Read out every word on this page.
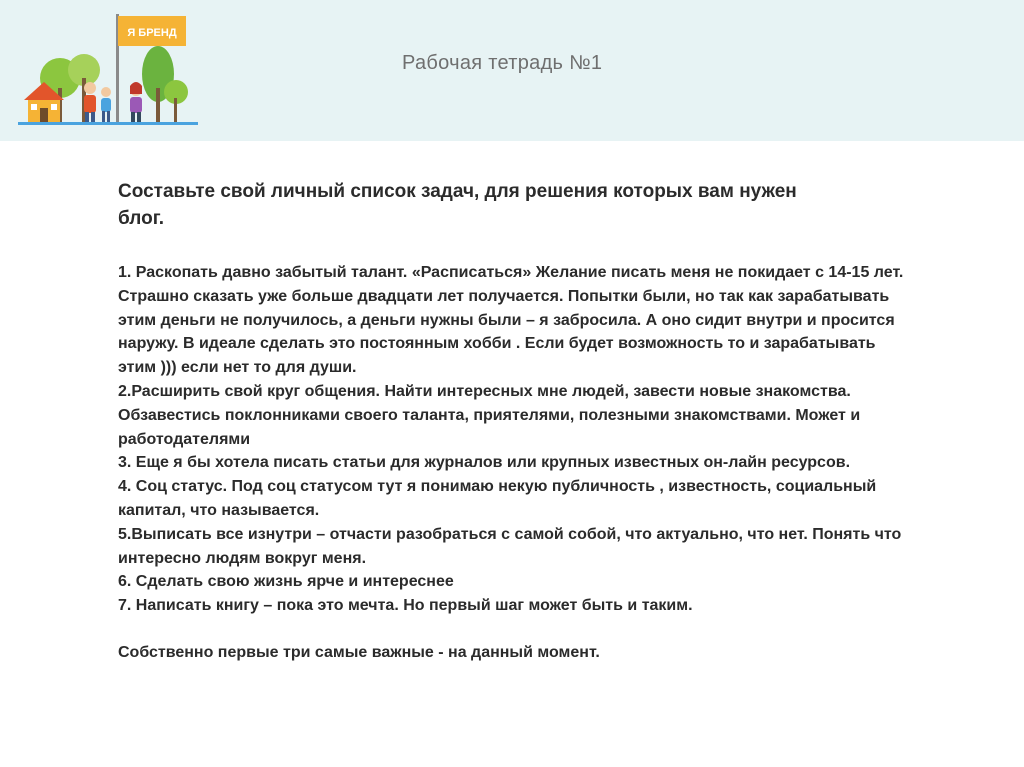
Я БРЕНД
Рабочая тетрадь №1

Составьте свой личный список задач, для решения которых вам нужен блог.

1. Раскопать давно забытый талант. «Расписаться» Желание писать меня не покидает с 14-15 лет. Страшно сказать уже больше двадцати лет получается. Попытки были, но так как зарабатывать этим деньги не получилось, а деньги нужны были – я забросила. А оно сидит внутри и просится наружу. В идеале сделать это постоянным хобби . Если будет возможность то и зарабатывать этим ))) если нет то для души.
2.Расширить свой круг общения. Найти интересных мне людей, завести новые знакомства. Обзавестись поклонниками своего таланта, приятелями, полезными знакомствами. Может и работодателями
3. Еще я бы хотела писать статьи для журналов или крупных известных он-лайн ресурсов.
4. Соц статус. Под соц статусом тут я понимаю некую публичность , известность, социальный капитал, что называется.
5.Выписать все изнутри – отчасти разобраться с самой собой, что актуально, что нет. Понять что интересно людям вокруг меня.
6. Сделать свою жизнь ярче и интереснее
7. Написать книгу – пока это мечта. Но первый шаг может быть и таким.
Собственно первые три самые важные - на данный момент.
